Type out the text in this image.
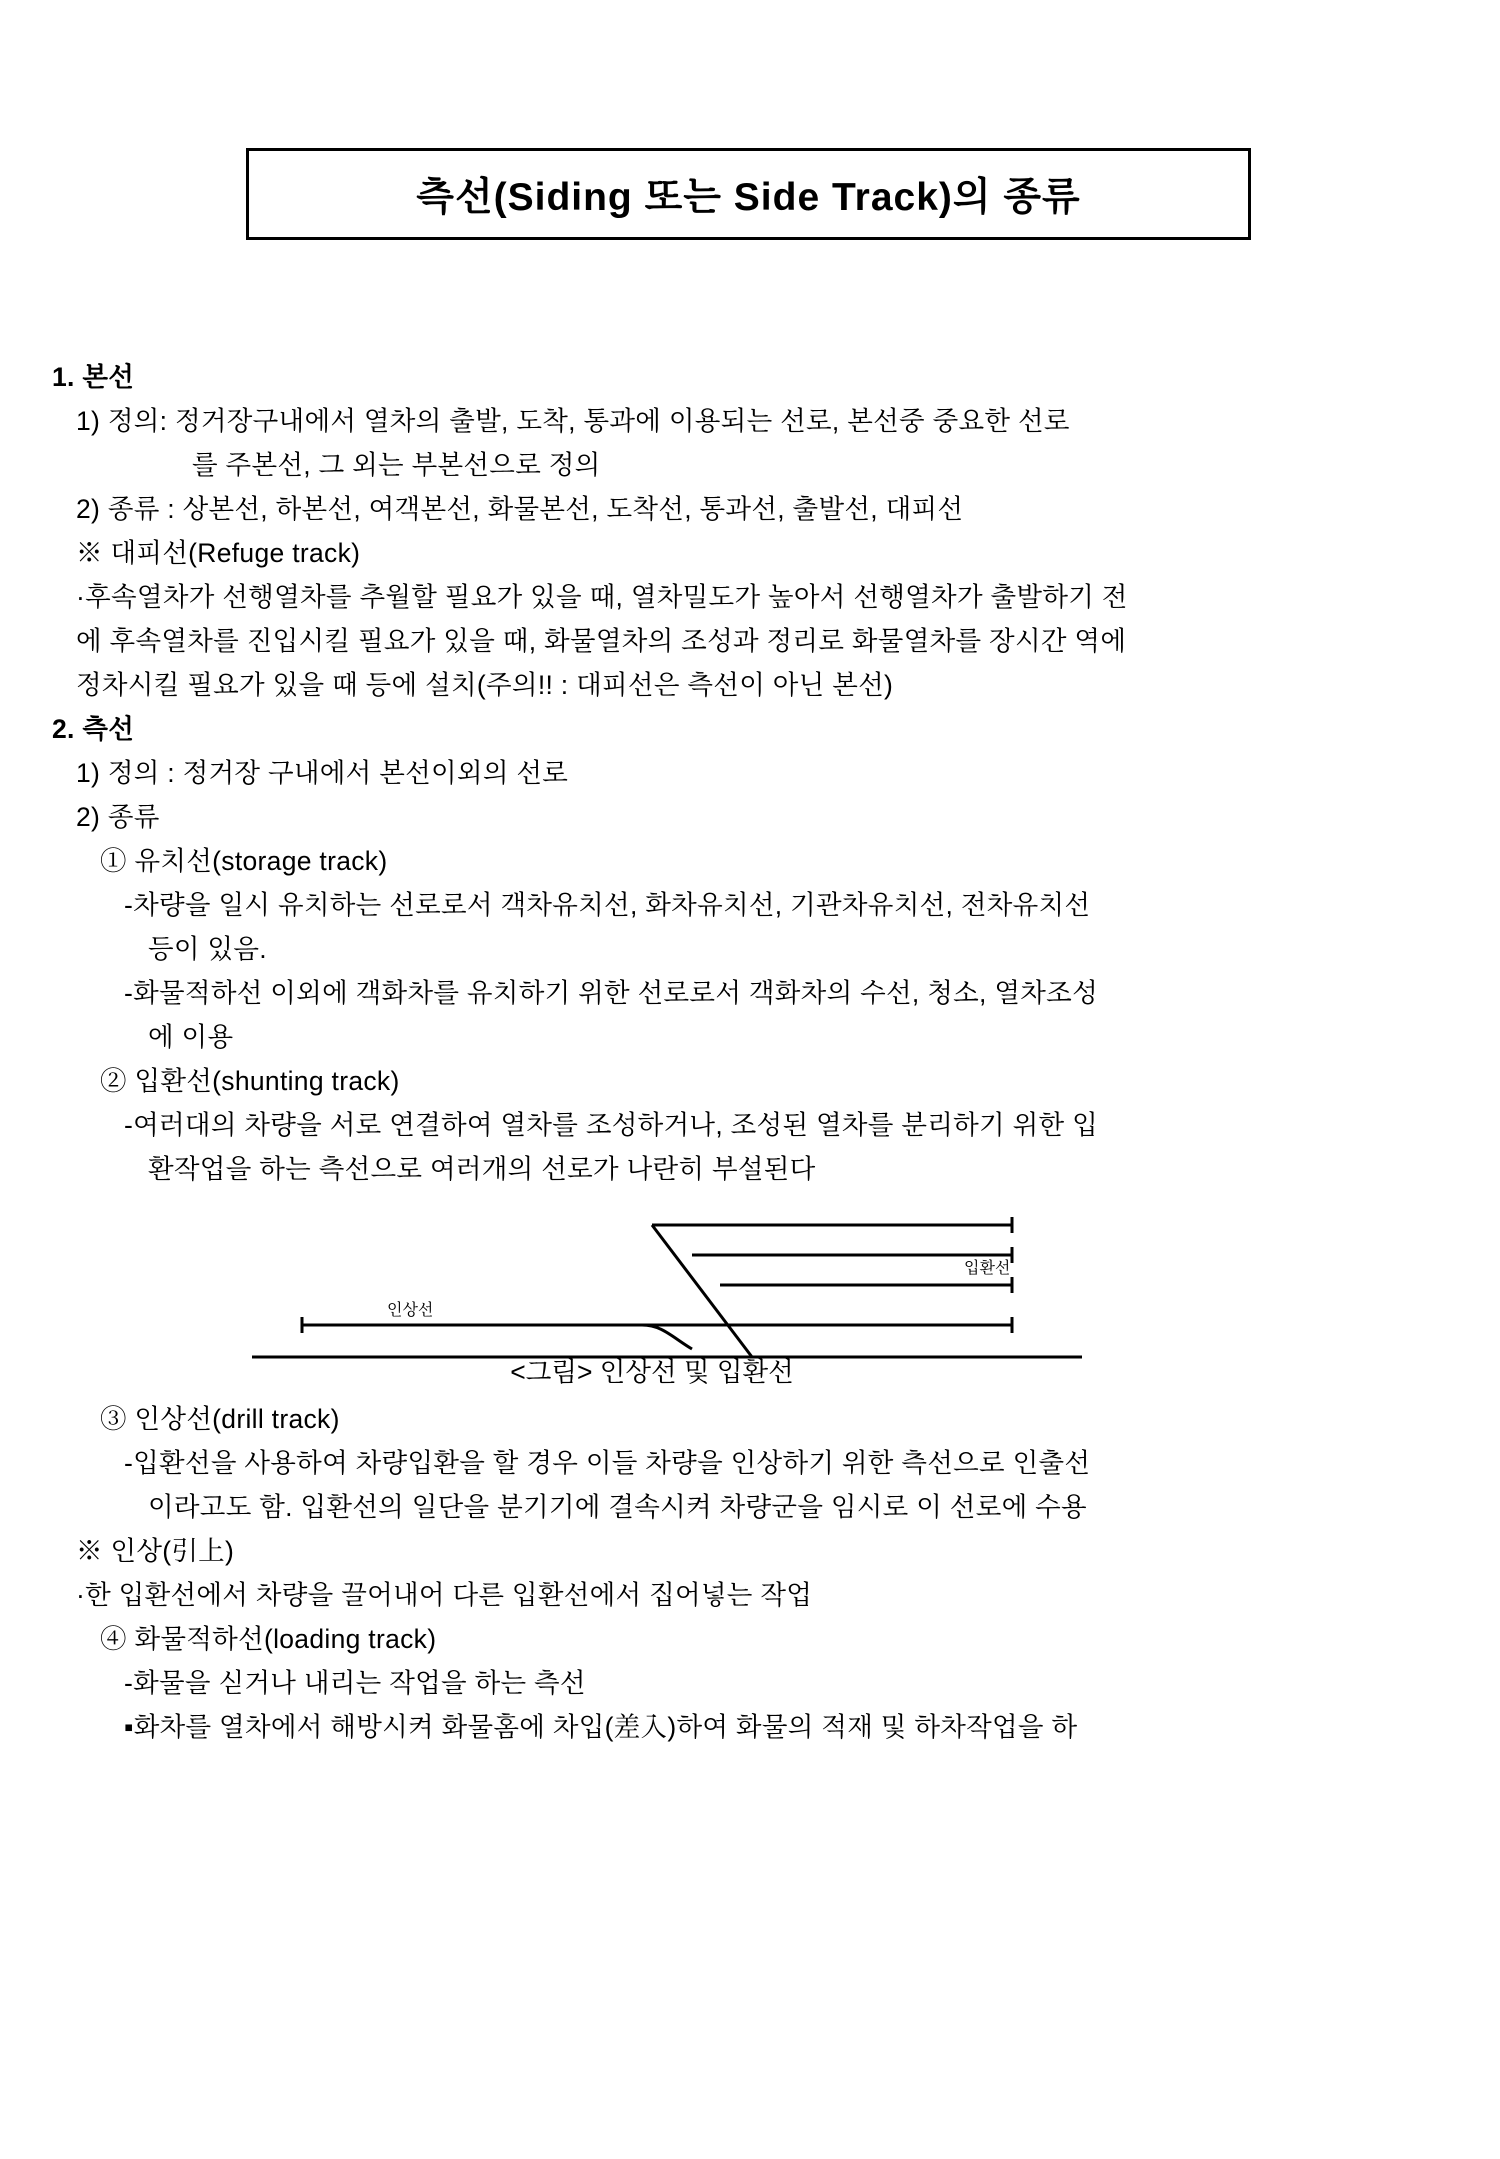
측선(Siding 또는 Side Track)의 종류
1. 본선
1) 정의: 정거장구내에서 열차의 출발, 도착, 통과에 이용되는 선로, 본선중 중요한 선로
를 주본선, 그 외는 부본선으로 정의
2) 종류 : 상본선, 하본선, 여객본선, 화물본선, 도착선, 통과선, 출발선, 대피선
※ 대피선(Refuge track)
·후속열차가 선행열차를 추월할 필요가 있을 때, 열차밀도가 높아서 선행열차가 출발하기 전
에 후속열차를 진입시킬 필요가 있을 때, 화물열차의 조성과 정리로 화물열차를 장시간 역에
정차시킬 필요가 있을 때 등에 설치(주의!! : 대피선은 측선이 아닌 본선)
2. 측선
1) 정의 : 정거장 구내에서 본선이외의 선로
2) 종류
① 유치선(storage track)
-차량을 일시 유치하는 선로로서 객차유치선, 화차유치선, 기관차유치선, 전차유치선
등이 있음.
-화물적하선 이외에 객화차를 유치하기 위한 선로로서 객화차의 수선, 청소, 열차조성
에 이용
② 입환선(shunting track)
-여러대의 차량을 서로 연결하여 열차를 조성하거나, 조성된 열차를 분리하기 위한 입
환작업을 하는 측선으로 여러개의 선로가 나란히 부설된다
인상선
입환선
<그림> 인상선 및 입환선
③ 인상선(drill track)
-입환선을 사용하여 차량입환을 할 경우 이들 차량을 인상하기 위한 측선으로 인출선
이라고도 함. 입환선의 일단을 분기기에 결속시켜 차량군을 임시로 이 선로에 수용
※ 인상(引上)
·한 입환선에서 차량을 끌어내어 다른 입환선에서 집어넣는 작업
④ 화물적하선(loading track)
-화물을 싣거나 내리는 작업을 하는 측선
▪화차를 열차에서 해방시켜 화물홈에 차입(差入)하여 화물의 적재 및 하차작업을 하
